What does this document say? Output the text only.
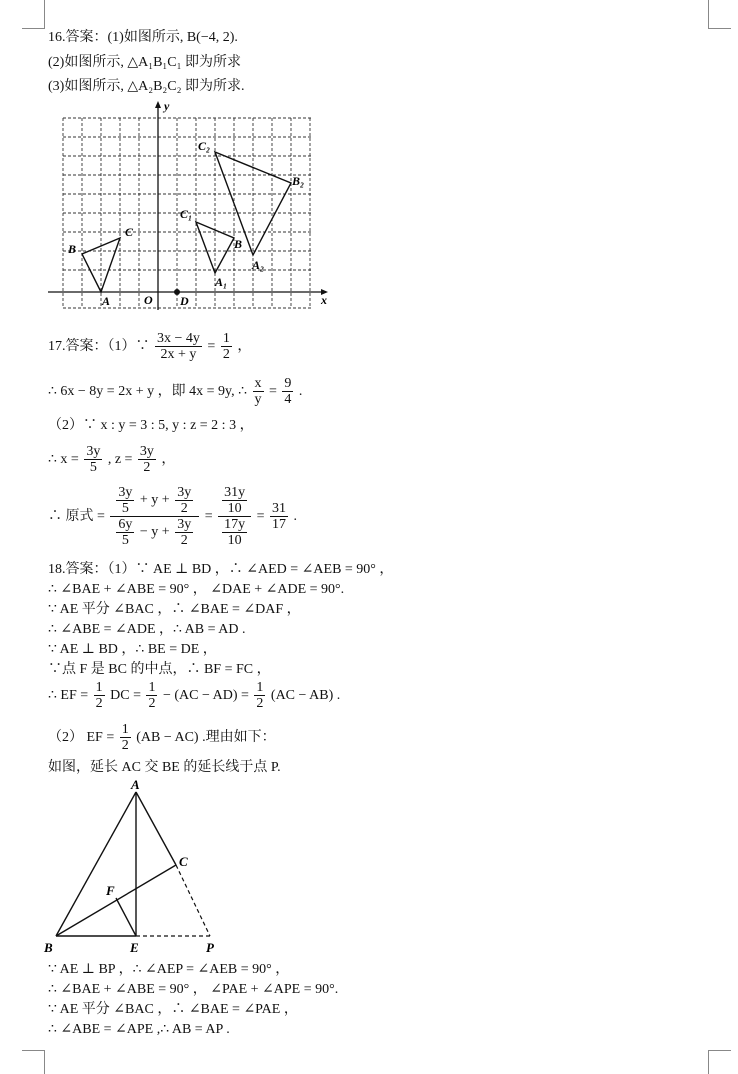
16.答案：(1)如图所示, B(−4, 2).
(2)如图所示, △A₁B₁C₁ 即为所求
(3)如图所示, △A₂B₂C₂ 即为所求.
y
x
O
A	D
B
C
A₁
B
C₁
A₂
B₂
C₂
17.答案：（1）∵ $\frac{3x - 4y}{2x + y} = \frac{1}{2}$ ，
∴ 6x − 8y = 2x + y ，即 4x = 9y, ∴ $\frac{x}{y} = \frac{9}{4}$ .
（2）∵ x : y = 3 : 5, y : z = 2 : 3 ，
∴ $x = \frac{3y}{5}$ , $z = \frac{3y}{2}$ ，
∴ 原式 = $\frac{\frac{3y}{5} + y + \frac{3y}{2}}{\frac{6y}{5} - y + \frac{3y}{2}} = \frac{\frac{31y}{10}}{\frac{17y}{10}} = \frac{31}{17}$ .
18.答案：（1）∵ AE ⊥ BD ，∴ ∠AED = ∠AEB = 90° ，
∴ ∠BAE + ∠ABE = 90° ， ∠DAE + ∠ADE = 90°.
∵ AE 平分 ∠BAC ，∴ ∠BAE = ∠DAF ，
∴ ∠ABE = ∠ADE ，∴ AB = AD .
∵ AE ⊥ BD ，∴ BE = DE ，
∵点 F 是 BC 的中点，∴ BF = FC ，
∴ EF = $\frac{1}{2}$ DC = $\frac{1}{2} - (AC - AD) = \frac{1}{2} (AC - AB)$ .
（2） EF = $\frac{1}{2} (AB - AC)$ .理由如下：
如图，延长 AC 交 BE 的延长线于点 P.
A
B	E	P
C
F
∵ AE ⊥ BP ，∴ ∠AEP = ∠AEB = 90° ，
∴ ∠BAE + ∠ABE = 90° ， ∠PAE + ∠APE = 90°.
∵ AE 平分 ∠BAC ，∴ ∠BAE = ∠PAE ，
∴ ∠ABE = ∠APE ,∴ AB = AP .
